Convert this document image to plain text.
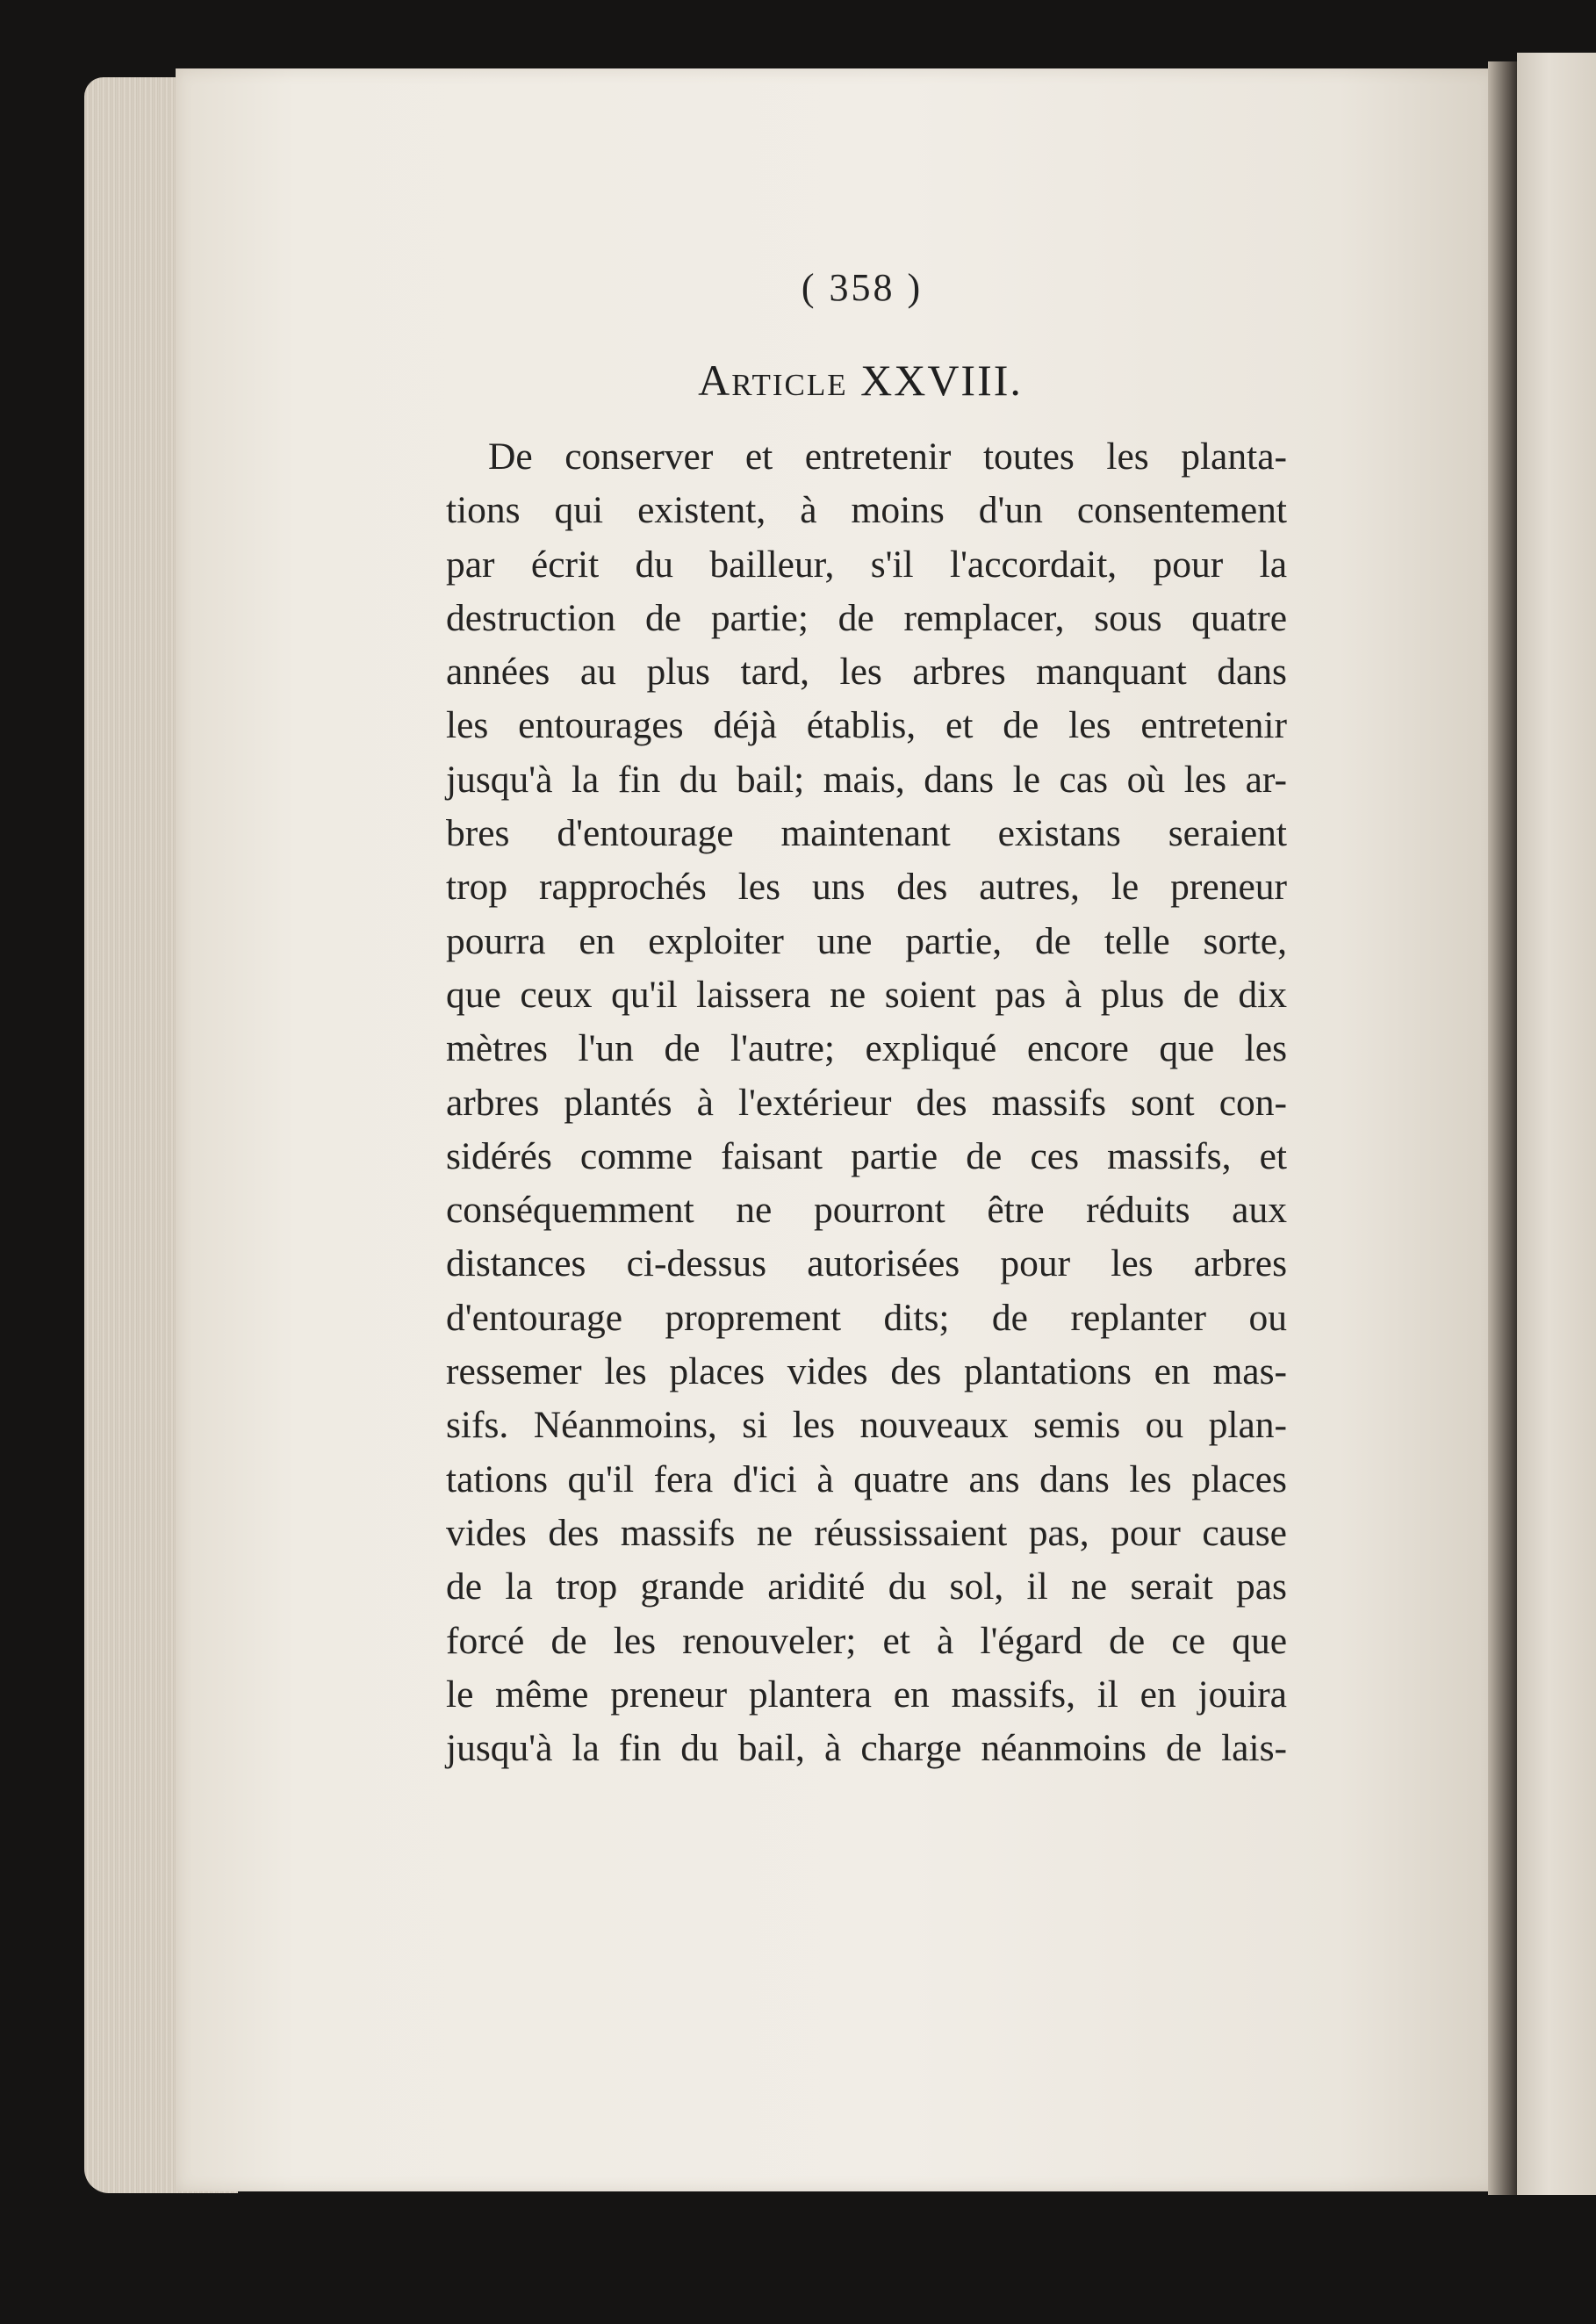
( 358 )
Article XXVIII.
De conserver et entretenir toutes les planta-
tions qui existent, à moins d'un consentement
par écrit du bailleur, s'il l'accordait, pour la
destruction de partie; de remplacer, sous quatre
années au plus tard, les arbres manquant dans
les entourages déjà établis, et de les entretenir
jusqu'à la fin du bail; mais, dans le cas où les ar-
bres d'entourage maintenant existans seraient
trop rapprochés les uns des autres, le preneur
pourra en exploiter une partie, de telle sorte,
que ceux qu'il laissera ne soient pas à plus de dix
mètres l'un de l'autre; expliqué encore que les
arbres plantés à l'extérieur des massifs sont con-
sidérés comme faisant partie de ces massifs, et
conséquemment ne pourront être réduits aux
distances ci-dessus autorisées pour les arbres
d'entourage proprement dits; de replanter ou
ressemer les places vides des plantations en mas-
sifs. Néanmoins, si les nouveaux semis ou plan-
tations qu'il fera d'ici à quatre ans dans les places
vides des massifs ne réussissaient pas, pour cause
de la trop grande aridité du sol, il ne serait pas
forcé de les renouveler; et à l'égard de ce que
le même preneur plantera en massifs, il en jouira
jusqu'à la fin du bail, à charge néanmoins de lais-
